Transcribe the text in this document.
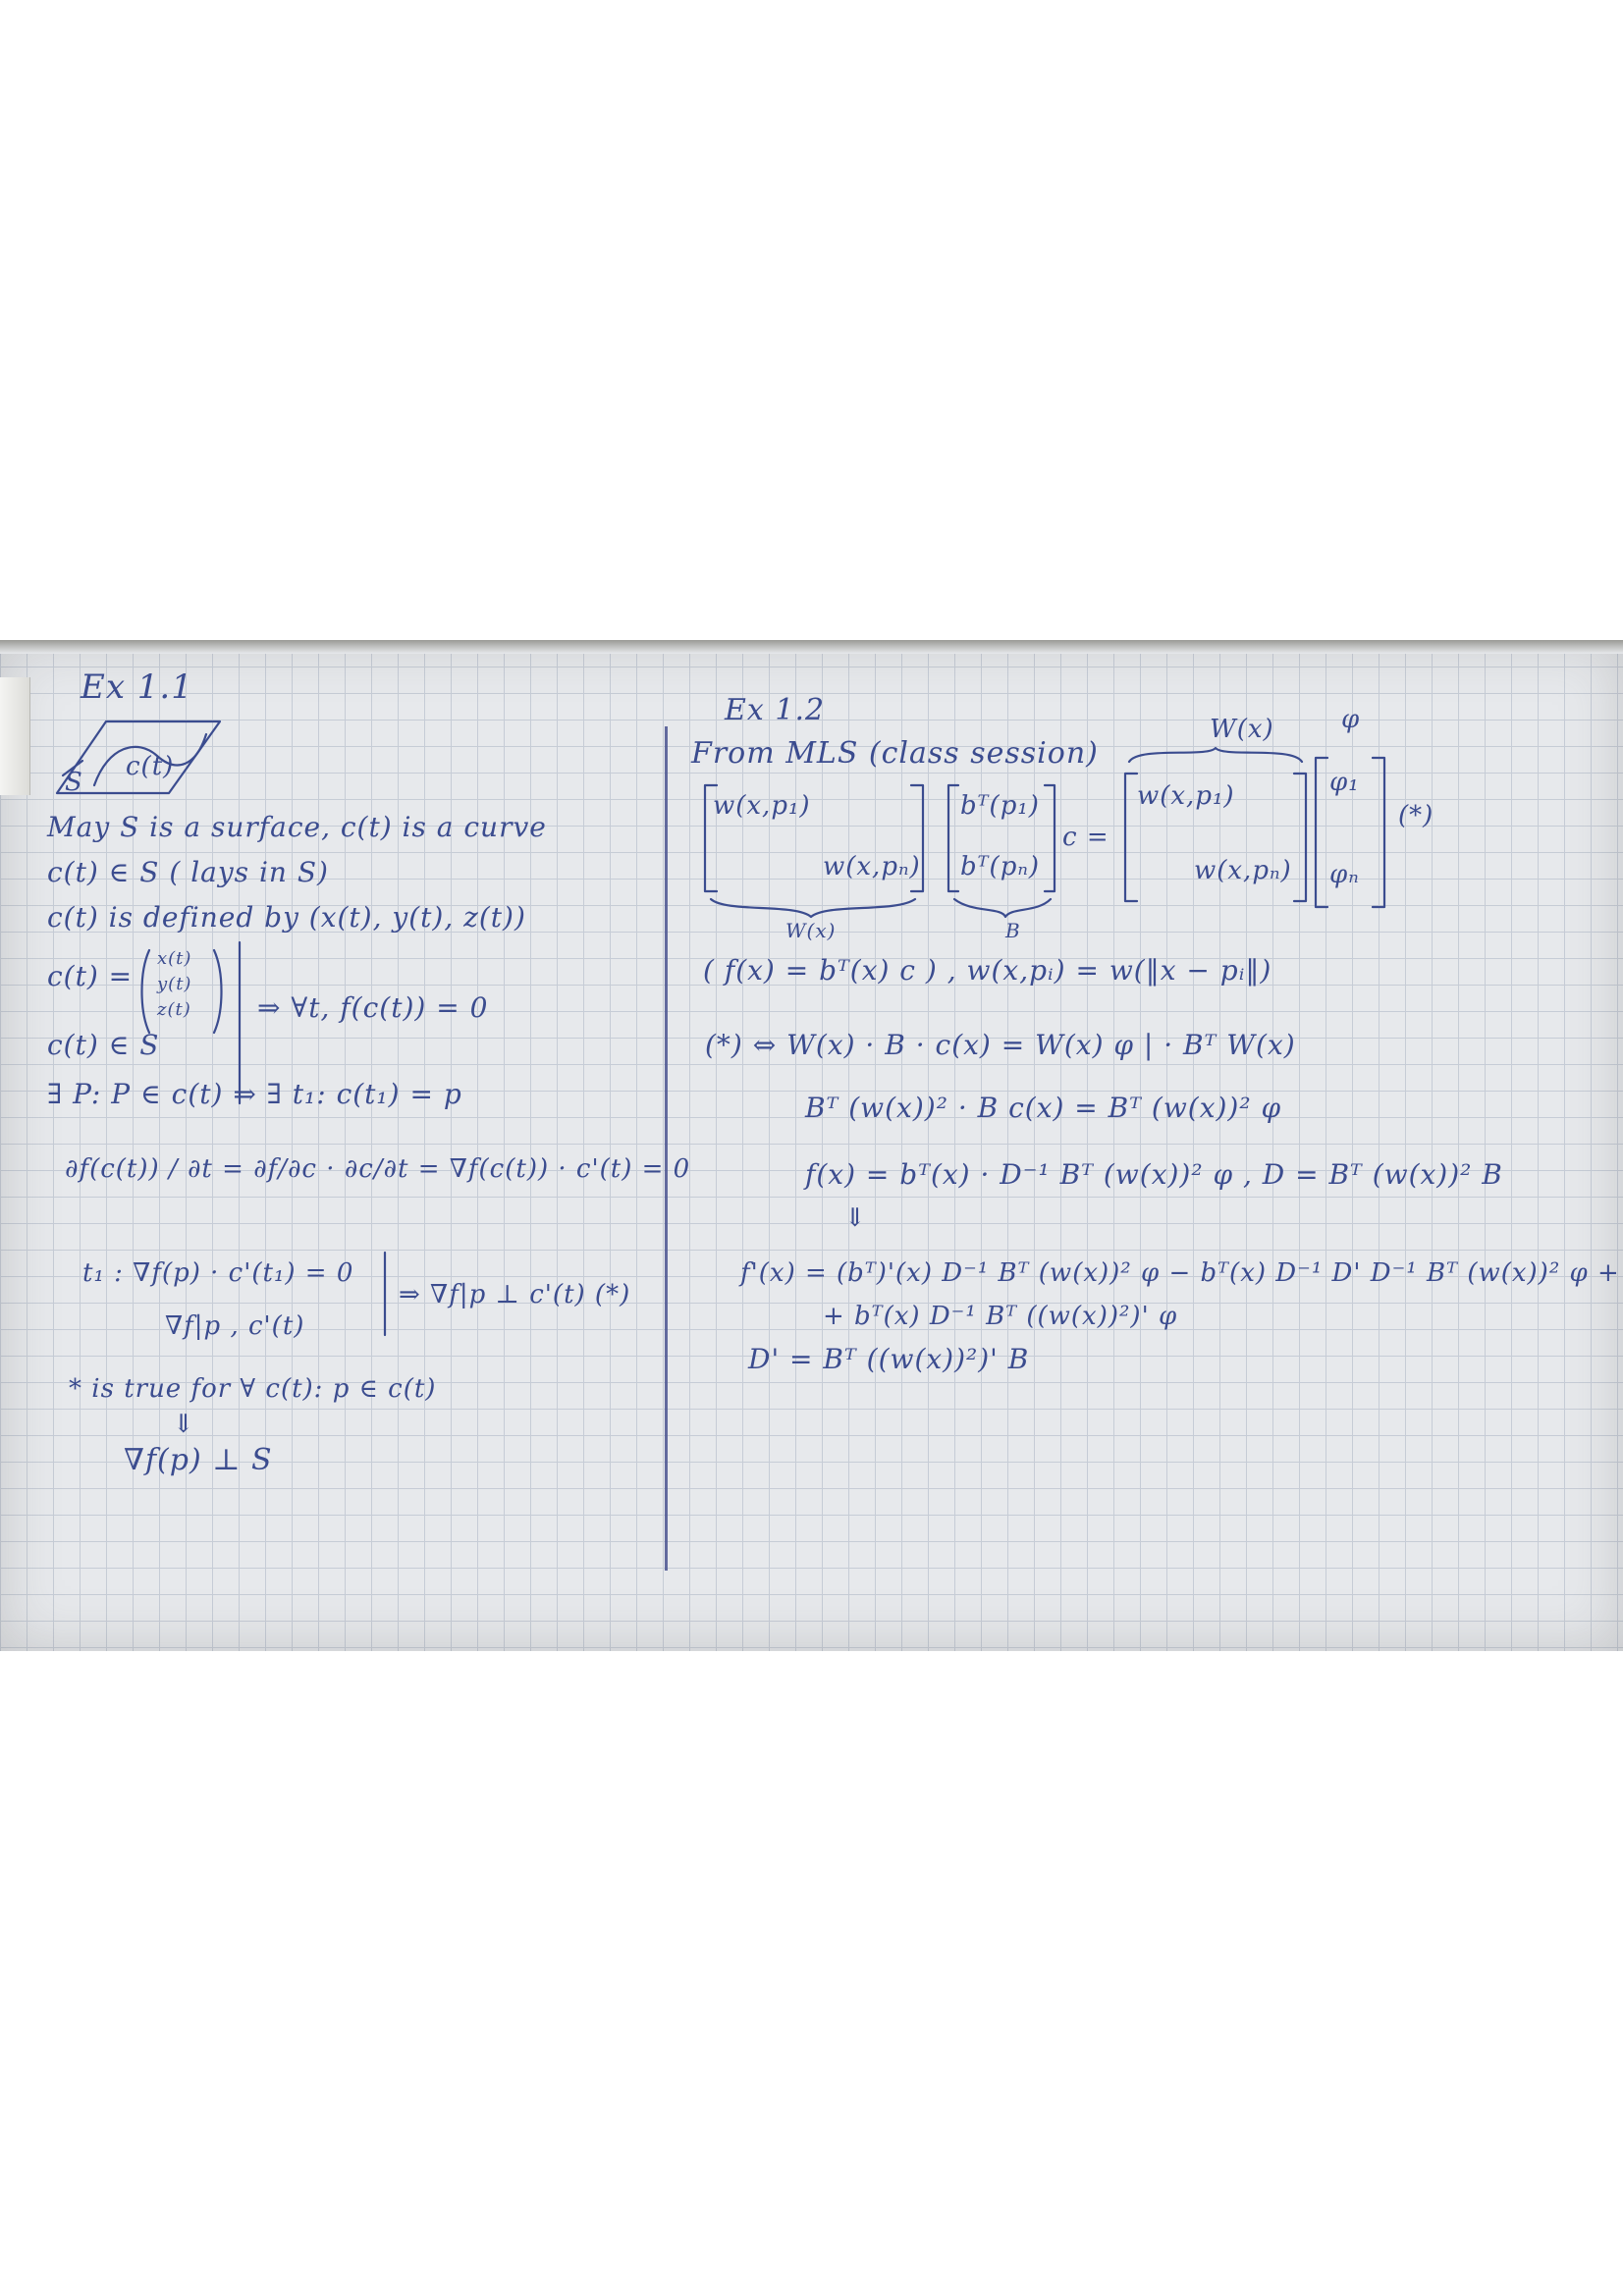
Ex 1.1
S
c(t)
May S is a surface, c(t) is a curve
c(t) ∈ S ( lays in S)
c(t) is defined by (x(t), y(t), z(t))
c(t) =
x(t)
y(t)
z(t) ⇒ ∀t, f(c(t)) = 0
c(t) ∈ S
∃ P: P ∈ c(t) ⇒ ∃ t₁: c(t₁) = p
∂f(c(t)) / ∂t = ∂f/∂c · ∂c/∂t = ∇f(c(t)) · c'(t) = 0
t₁ : ∇f(p) · c'(t₁) = 0
⇒ ∇f|p ⊥ c'(t) (*)
∇f|p , c'(t)
* is true for ∀ c(t): p ∈ c(t)
⇓
∇f(p) ⊥ S
Ex 1.2
From MLS (class session)
W(x)	φ
w(x,p₁)
w(x,pₙ)
bᵀ(p₁)
bᵀ(pₙ)
c =
w(x,p₁)
w(x,pₙ)
φ₁
φₙ
(*)
W(x)	B
( f(x) = bᵀ(x) c ) , w(x,pᵢ) = w(‖x − pᵢ‖)
(*) ⇔ W(x) · B · c(x) = W(x) φ | · Bᵀ W(x)
Bᵀ (w(x))² · B c(x) = Bᵀ (w(x))² φ
f(x) = bᵀ(x) · D⁻¹ Bᵀ (w(x))² φ , D = Bᵀ (w(x))² B
⇓
f'(x) = (bᵀ)'(x) D⁻¹ Bᵀ (w(x))² φ − bᵀ(x) D⁻¹ D' D⁻¹ Bᵀ (w(x))² φ +
+ bᵀ(x) D⁻¹ Bᵀ ((w(x))²)' φ
D' = Bᵀ ((w(x))²)' B
